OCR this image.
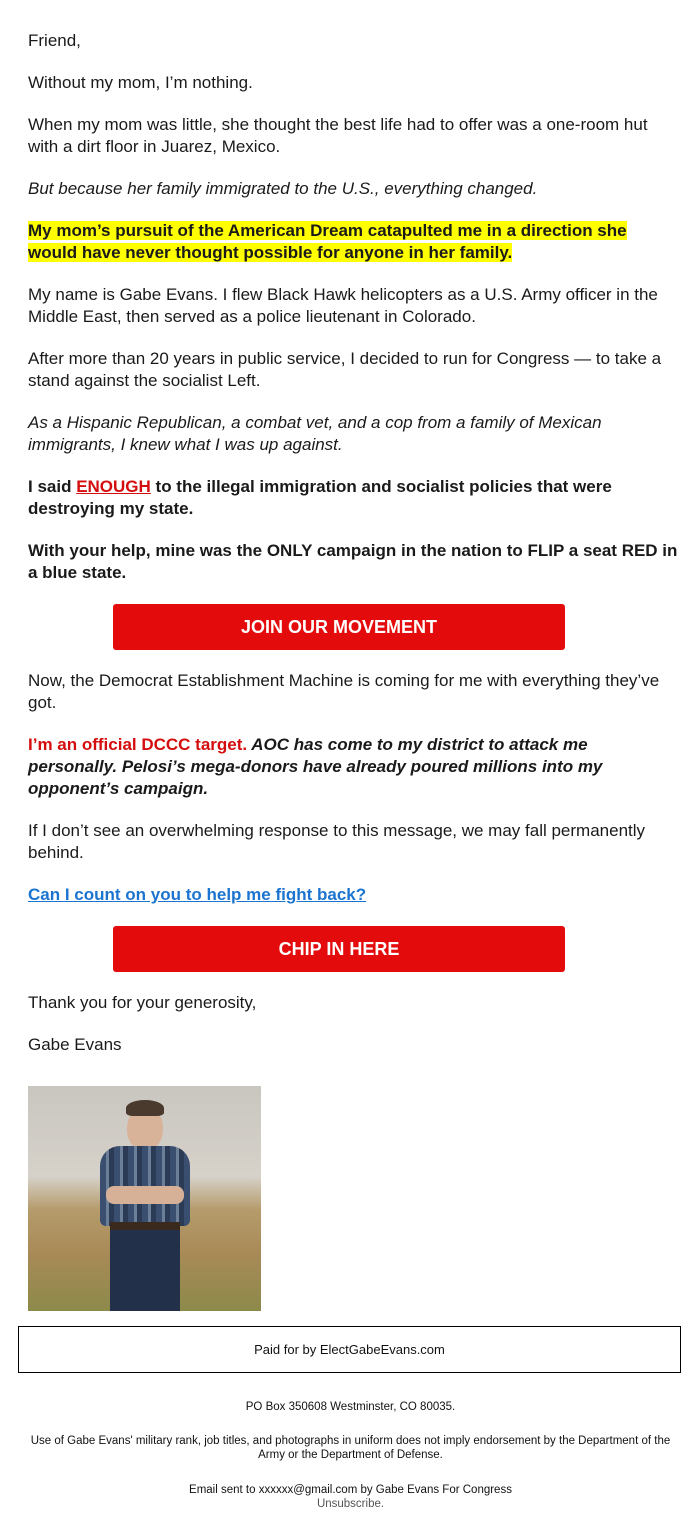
Friend,

Without my mom, I’m nothing.

When my mom was little, she thought the best life had to offer was a one-room hut with a dirt floor in Juarez, Mexico.

But because her family immigrated to the U.S., everything changed.

My mom’s pursuit of the American Dream catapulted me in a direction she would have never thought possible for anyone in her family.

My name is Gabe Evans. I flew Black Hawk helicopters as a U.S. Army officer in the Middle East, then served as a police lieutenant in Colorado.

After more than 20 years in public service, I decided to run for Congress — to take a stand against the socialist Left.

As a Hispanic Republican, a combat vet, and a cop from a family of Mexican immigrants, I knew what I was up against.

I said ENOUGH to the illegal immigration and socialist policies that were destroying my state.

With your help, mine was the ONLY campaign in the nation to FLIP a seat RED in a blue state.

JOIN OUR MOVEMENT

Now, the Democrat Establishment Machine is coming for me with everything they’ve got.

I’m an official DCCC target. AOC has come to my district to attack me personally. Pelosi’s mega-donors have already poured millions into my opponent’s campaign.

If I don’t see an overwhelming response to this message, we may fall permanently behind.

Can I count on you to help me fight back?

CHIP IN HERE

Thank you for your generosity,

Gabe Evans

Paid for by ElectGabeEvans.com
PO Box 350608 Westminster, CO 80035.
Use of Gabe Evans' military rank, job titles, and photographs in uniform does not imply endorsement by the Department of the Army or the Department of Defense.
Email sent to xxxxxx@gmail.com by Gabe Evans For Congress
Unsubscribe.
